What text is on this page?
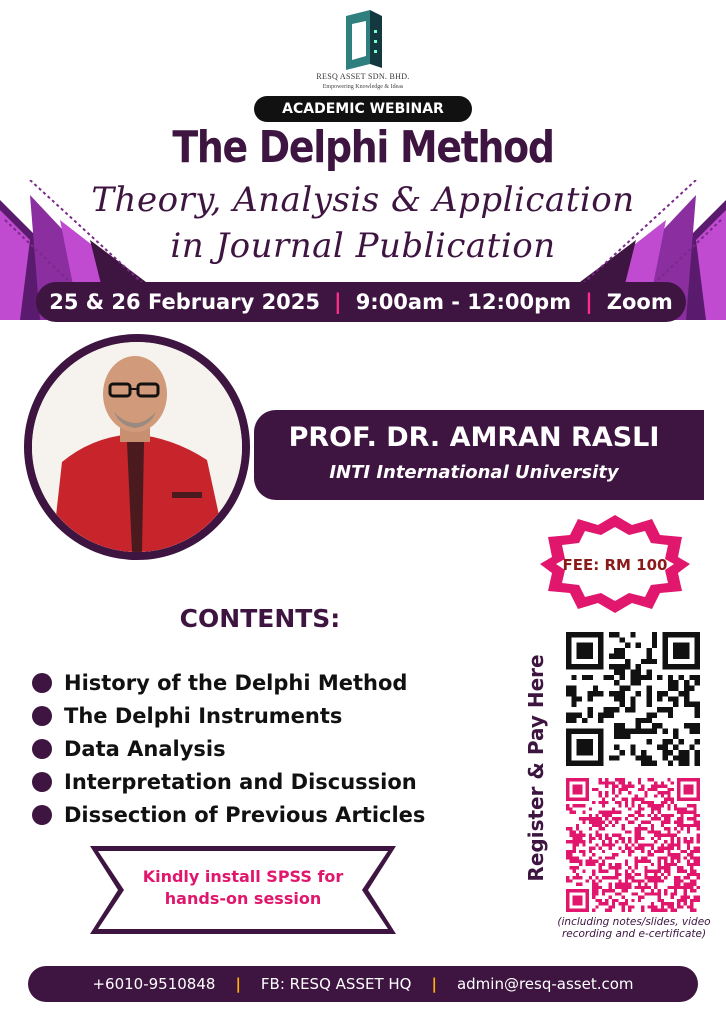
RESQ ASSET SDN. BHD.
Empowering Knowledge & Ideas
ACADEMIC WEBINAR
The Delphi Method
Theory, Analysis & Application
in Journal Publication
25 & 26 February 2025 | 9:00am - 12:00pm | Zoom
PROF. DR. AMRAN RASLI
INTI International University
FEE: RM 100
CONTENTS:
History of the Delphi Method
The Delphi Instruments
Data Analysis
Interpretation and Discussion
Dissection of Previous Articles
Kindly install SPSS for
hands-on session
Register & Pay Here
(including notes/slides, video recording and e-certificate)
+6010-9510848 | FB: RESQ ASSET HQ | admin@resq-asset.com
